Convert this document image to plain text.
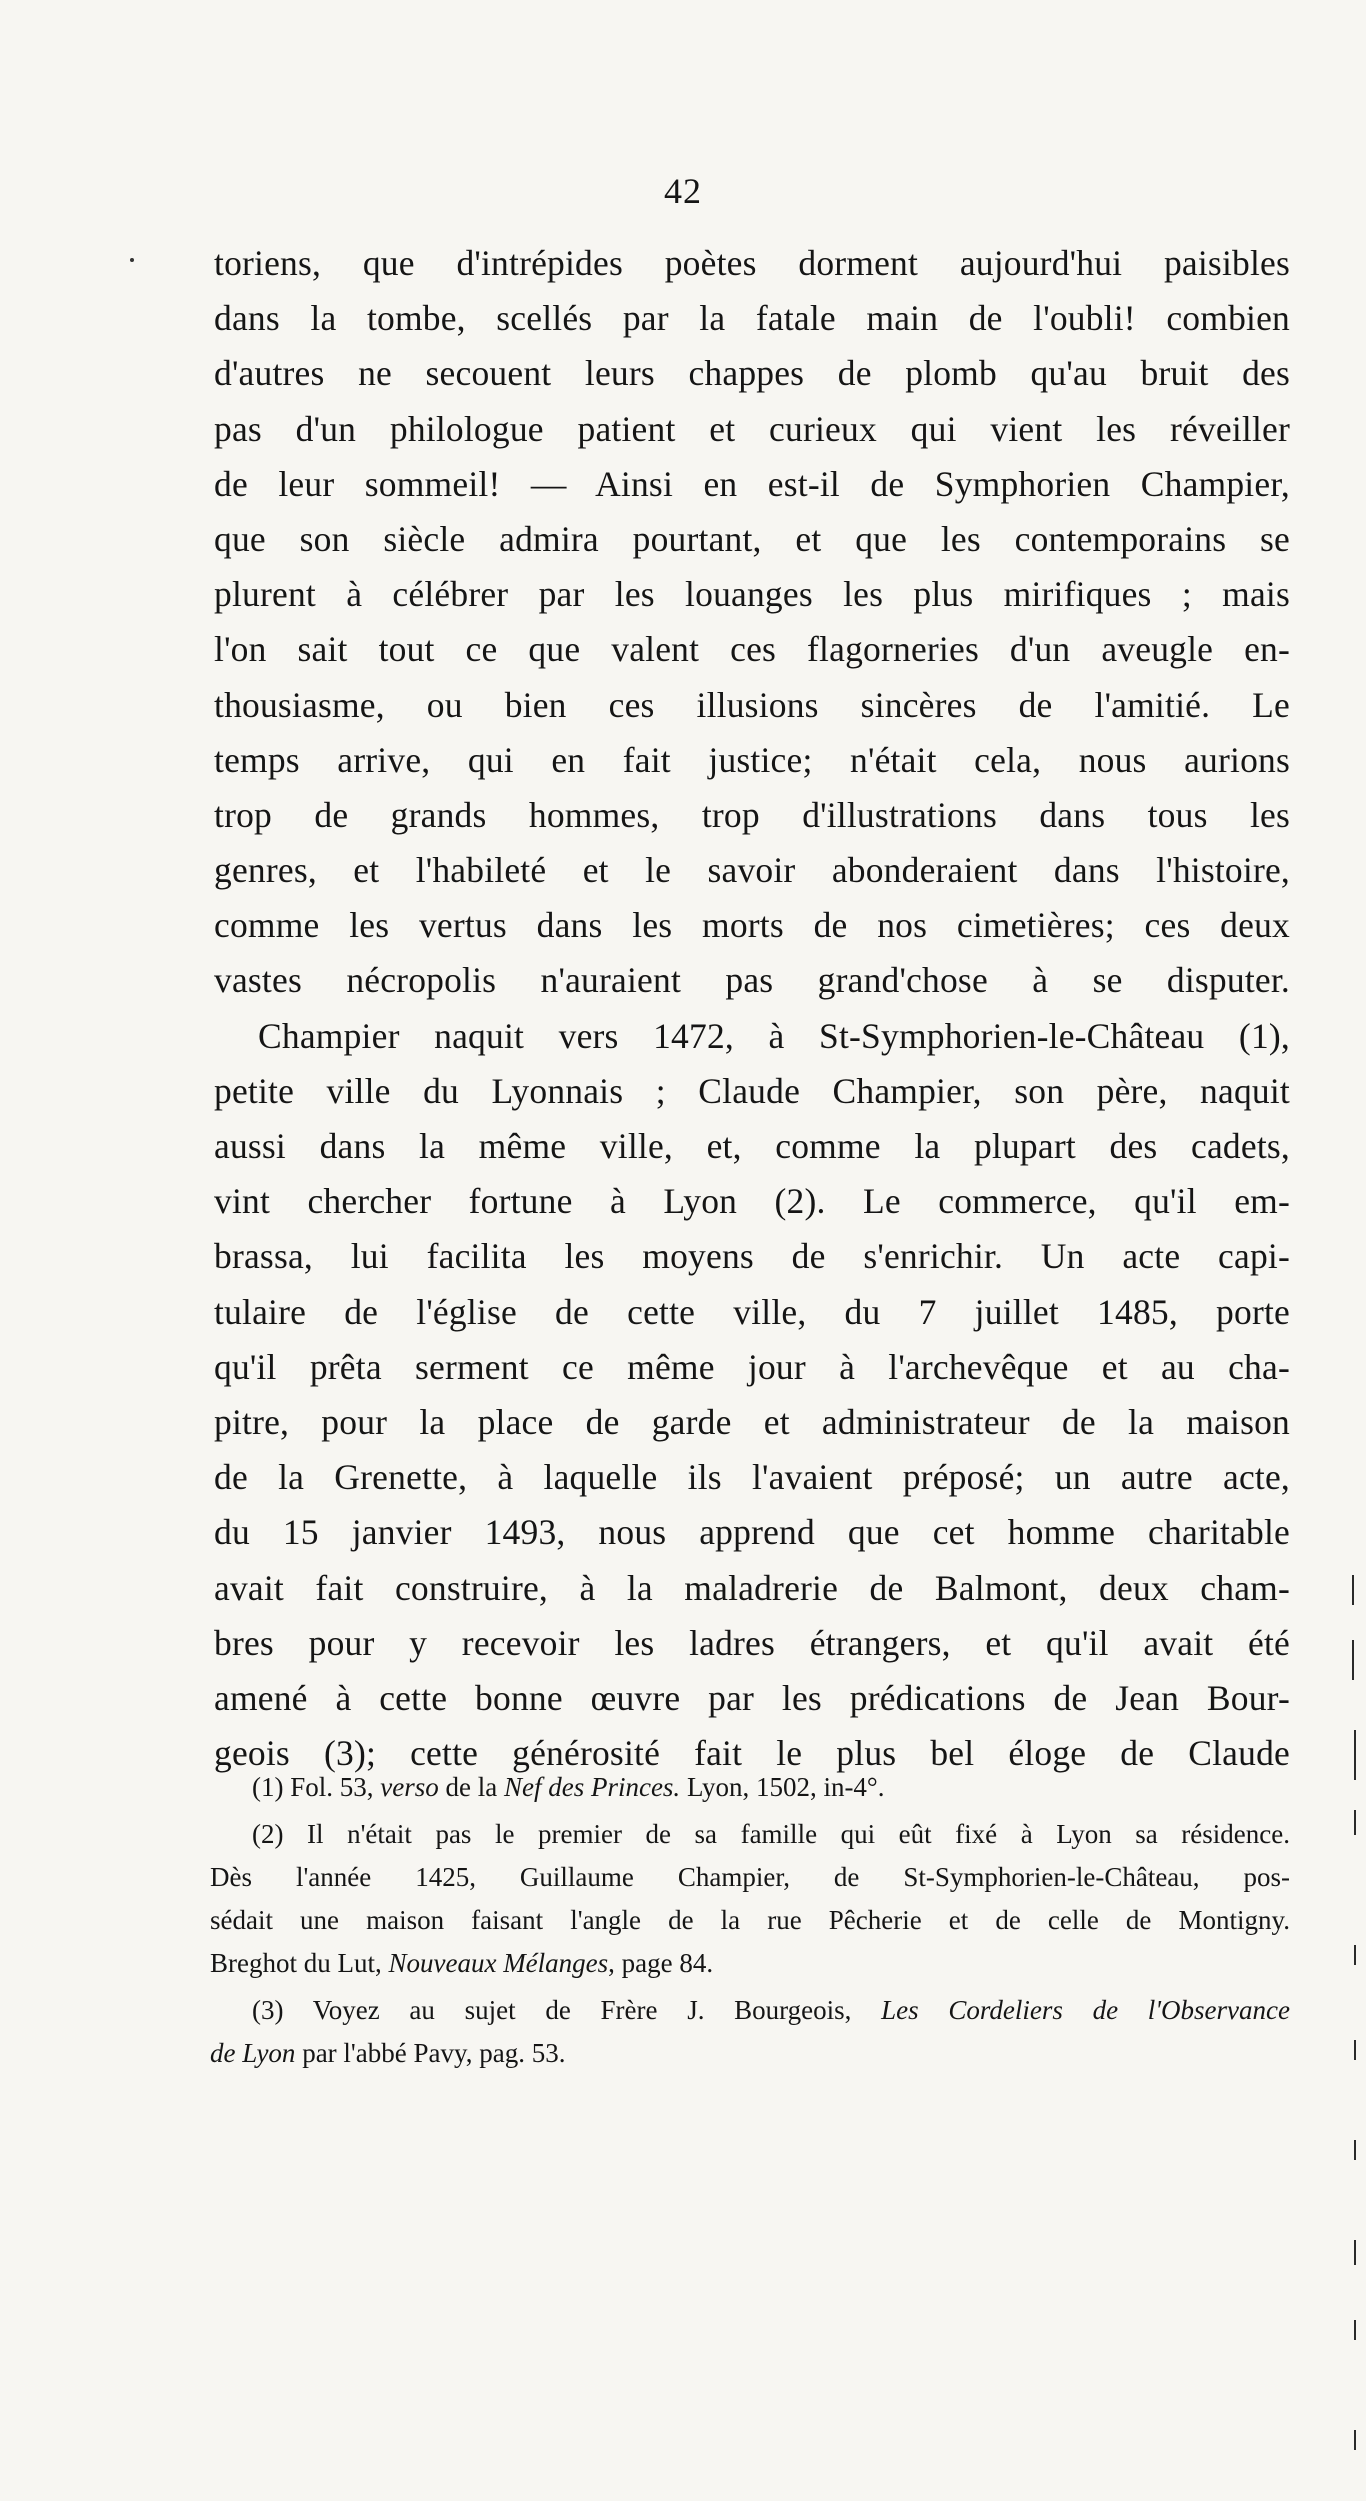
42
toriens, que d'intrépides poètes dorment aujourd'hui paisibles
dans la tombe, scellés par la fatale main de l'oubli! combien
d'autres ne secouent leurs chappes de plomb qu'au bruit des
pas d'un philologue patient et curieux qui vient les réveiller
de leur sommeil! — Ainsi en est-il de Symphorien Champier,
que son siècle admira pourtant, et que les contemporains se
plurent à célébrer par les louanges les plus mirifiques ; mais
l'on sait tout ce que valent ces flagorneries d'un aveugle en-
thousiasme, ou bien ces illusions sincères de l'amitié. Le
temps arrive, qui en fait justice; n'était cela, nous aurions
trop de grands hommes, trop d'illustrations dans tous les
genres, et l'habileté et le savoir abonderaient dans l'histoire,
comme les vertus dans les morts de nos cimetières; ces deux
vastes nécropolis n'auraient pas grand'chose à se disputer.
Champier naquit vers 1472, à St-Symphorien-le-Château (1),
petite ville du Lyonnais ; Claude Champier, son père, naquit
aussi dans la même ville, et, comme la plupart des cadets,
vint chercher fortune à Lyon (2). Le commerce, qu'il em-
brassa, lui facilita les moyens de s'enrichir. Un acte capi-
tulaire de l'église de cette ville, du 7 juillet 1485, porte
qu'il prêta serment ce même jour à l'archevêque et au cha-
pitre, pour la place de garde et administrateur de la maison
de la Grenette, à laquelle ils l'avaient préposé; un autre acte,
du 15 janvier 1493, nous apprend que cet homme charitable
avait fait construire, à la maladrerie de Balmont, deux cham-
bres pour y recevoir les ladres étrangers, et qu'il avait été
amené à cette bonne œuvre par les prédications de Jean Bour-
geois (3); cette générosité fait le plus bel éloge de Claude
(1) Fol. 53, verso de la Nef des Princes. Lyon, 1502, in-4°.
(2) Il n'était pas le premier de sa famille qui eût fixé à Lyon sa résidence.
Dès l'année 1425, Guillaume Champier, de St-Symphorien-le-Château, pos-
sédait une maison faisant l'angle de la rue Pêcherie et de celle de Montigny.
Breghot du Lut, Nouveaux Mélanges, page 84.
(3) Voyez au sujet de Frère J. Bourgeois, Les Cordeliers de l'Observance
de Lyon par l'abbé Pavy, pag. 53.
